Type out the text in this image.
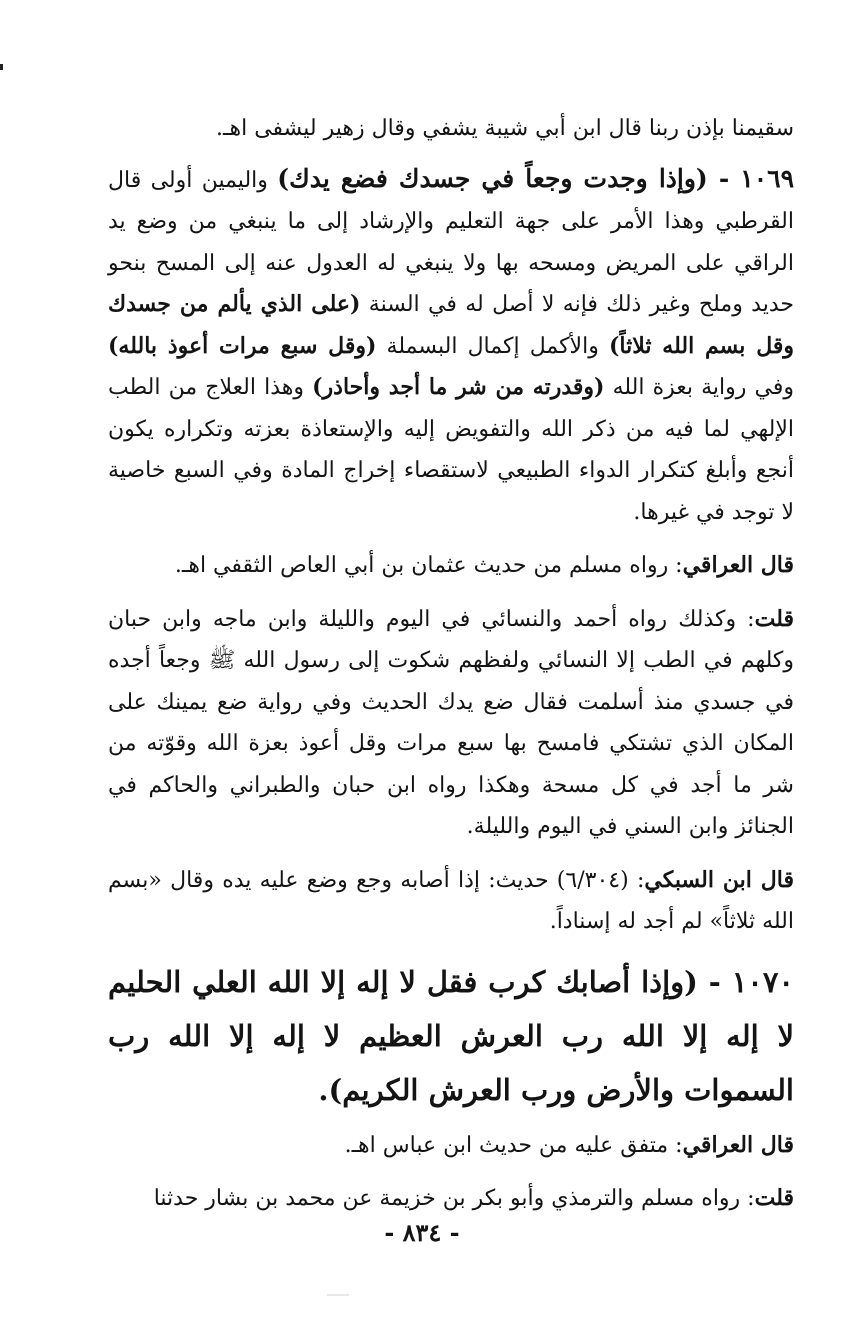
سقيمنا بإذن ربنا قال ابن أبي شيبة يشفي وقال زهير ليشفى اهـ.

١٠٦٩ - (وإذا وجدت وجعاً في جسدك فضع يدك) واليمين أولى قال القرطبي وهذا الأمر على جهة التعليم والإرشاد إلى ما ينبغي من وضع يد الراقي على المريض ومسحه بها ولا ينبغي له العدول عنه إلى المسح بنحو حديد وملح وغير ذلك فإنه لا أصل له في السنة (على الذي يألم من جسدك وقل بسم الله ثلاثاً) والأكمل إكمال البسملة (وقل سبع مرات أعوذ بالله) وفي رواية بعزة الله (وقدرته من شر ما أجد وأحاذر) وهذا العلاج من الطب الإلهي لما فيه من ذكر الله والتفويض إليه والإستعاذة بعزته وتكراره يكون أنجع وأبلغ كتكرار الدواء الطبيعي لاستقصاء إخراج المادة وفي السبع خاصية لا توجد في غيرها.

قال العراقي: رواه مسلم من حديث عثمان بن أبي العاص الثقفي اهـ.

قلت: وكذلك رواه أحمد والنسائي في اليوم والليلة وابن ماجه وابن حبان وكلهم في الطب إلا النسائي ولفظهم شكوت إلى رسول الله ﷺ وجعاً أجده في جسدي منذ أسلمت فقال ضع يدك الحديث وفي رواية ضع يمينك على المكان الذي تشتكي فامسح بها سبع مرات وقل أعوذ بعزة الله وقوّته من شر ما أجد في كل مسحة وهكذا رواه ابن حبان والطبراني والحاكم في الجنائز وابن السني في اليوم والليلة.

قال ابن السبكي: (٦/٣٠٤) حديث: إذا أصابه وجع وضع عليه يده وقال «بسم الله ثلاثاً» لم أجد له إسناداً.

١٠٧٠ - (وإذا أصابك كرب فقل لا إله إلا الله العلي الحليم لا إله إلا الله رب العرش العظيم لا إله إلا الله رب السموات والأرض ورب العرش الكريم).

قال العراقي: متفق عليه من حديث ابن عباس اهـ.

قلت: رواه مسلم والترمذي وأبو بكر بن خزيمة عن محمد بن بشار حدثنا

- ٨٣٤ -
